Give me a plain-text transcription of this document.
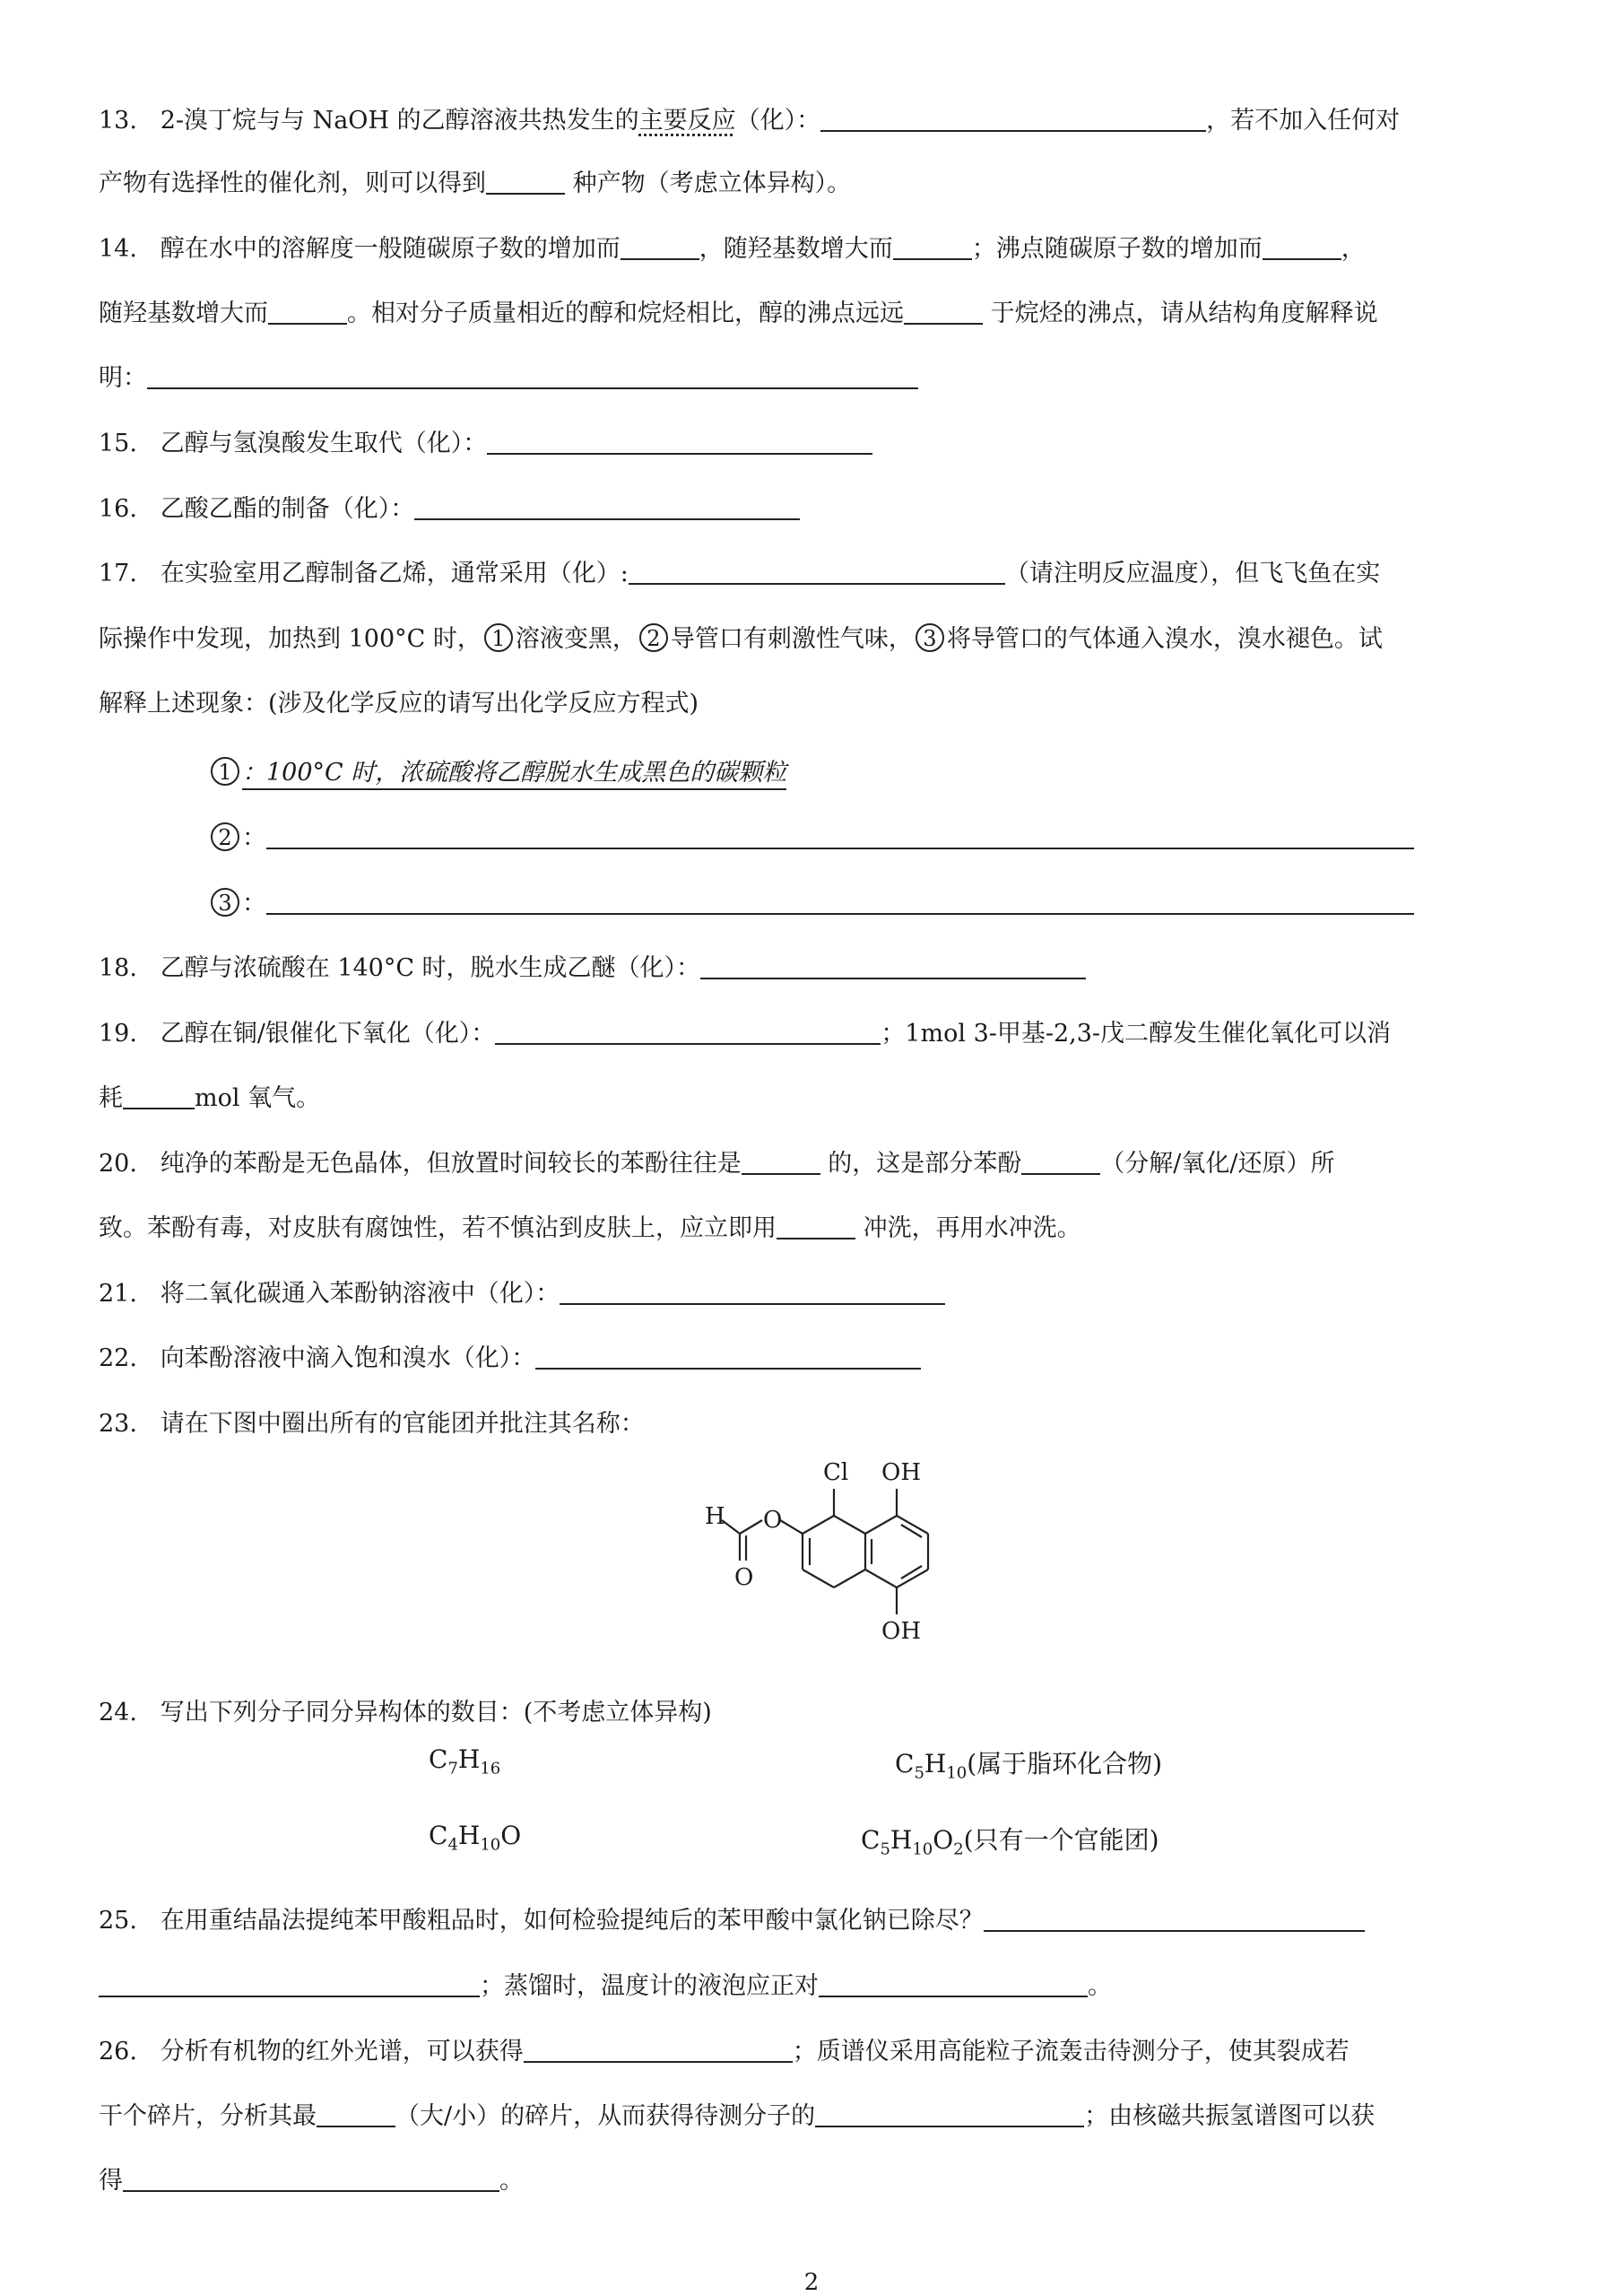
13. 2-溴丁烷与与 NaOH 的乙醇溶液共热发生的主要反应（化）：	，若不加入任何对
产物有选择性的催化剂，则可以得到	种产物（考虑立体异构）。
14. 醇在水中的溶解度一般随碳原子数的增加而	，随羟基数增大而	；沸点随碳原子数的增加而	，
随羟基数增大而	。相对分子质量相近的醇和烷烃相比，醇的沸点远远	于烷烃的沸点，请从结构角度解释说
明：
15. 乙醇与氢溴酸发生取代（化）：
16. 乙酸乙酯的制备（化）：
17. 在实验室用乙醇制备乙烯，通常采用（化）:	（请注明反应温度），但飞飞鱼在实
际操作中发现，加热到 100°C 时， 1 溶液变黑， 2 导管口有刺激性气味， 3 将导管口的气体通入溴水，溴水褪色。试
解释上述现象：(涉及化学反应的请写出化学反应方程式)
1 ：100°C 时，浓硫酸将乙醇脱水生成黑色的碳颗粒
2 ：
3 ：
18. 乙醇与浓硫酸在 140°C 时，脱水生成乙醚（化）：
19. 乙醇在铜/银催化下氧化（化）：	；1mol 3-甲基-2,3-戊二醇发生催化氧化可以消
耗	mol 氧气。
20. 纯净的苯酚是无色晶体，但放置时间较长的苯酚往往是	的，这是部分苯酚	（分解/氧化/还原）所
致。苯酚有毒，对皮肤有腐蚀性，若不慎沾到皮肤上，应立即用	冲洗，再用水冲洗。
21. 将二氧化碳通入苯酚钠溶液中（化）：
22. 向苯酚溶液中滴入饱和溴水（化）：
23. 请在下图中圈出所有的官能团并批注其名称：
Cl OH
OH
H O
O
24. 写出下列分子同分异构体的数目：(不考虑立体异构)
$C_7H_{16}$	$C_5H_{10}$(属于脂环化合物)
$C_4H_{10}O$	$C_5H_{10}O_2$(只有一个官能团)
25. 在用重结晶法提纯苯甲酸粗品时，如何检验提纯后的苯甲酸中氯化钠已除尽？
；蒸馏时，温度计的液泡应正对	。
26. 分析有机物的红外光谱，可以获得	；质谱仪采用高能粒子流轰击待测分子，使其裂成若
干个碎片，分析其最	（大/小）的碎片，从而获得待测分子的	；由核磁共振氢谱图可以获
得	。
2
